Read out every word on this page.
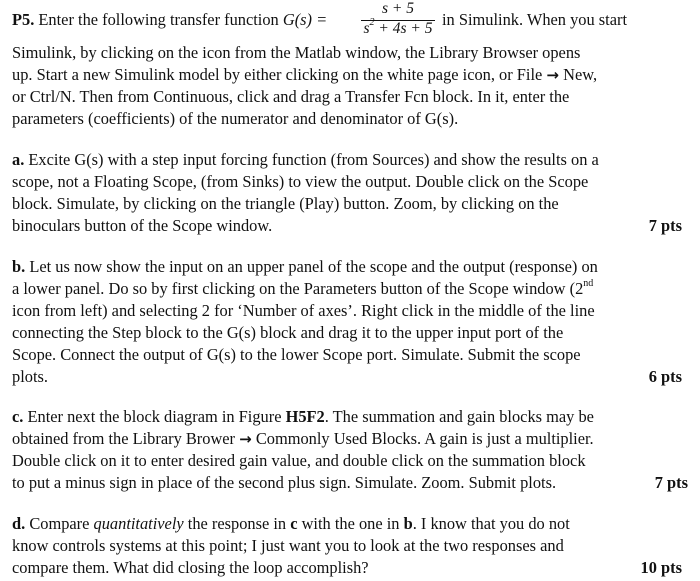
P5. Enter the following transfer function G(s) =
s + 5
$s^2 + 4s + 5$ in Simulink. When you start
Simulink, by clicking on the icon from the Matlab window, the Library Browser opens
up. Start a new Simulink model by either clicking on the white page icon, or File → New,
or Ctrl/N. Then from Continuous, click and drag a Transfer Fcn block. In it, enter the
parameters (coefficients) of the numerator and denominator of G(s).
a. Excite G(s) with a step input forcing function (from Sources) and show the results on a
scope, not a Floating Scope, (from Sinks) to view the output. Double click on the Scope
block. Simulate, by clicking on the triangle (Play) button. Zoom, by clicking on the
binoculars button of the Scope window.	7 pts
b. Let us now show the input on an upper panel of the scope and the output (response) on
a lower panel. Do so by first clicking on the Parameters button of the Scope window (2nd
icon from left) and selecting 2 for ‘Number of axes’. Right click in the middle of the line
connecting the Step block to the G(s) block and drag it to the upper input port of the
Scope. Connect the output of G(s) to the lower Scope port. Simulate. Submit the scope
plots.	6 pts
c. Enter next the block diagram in Figure H5F2. The summation and gain blocks may be
obtained from the Library Brower → Commonly Used Blocks. A gain is just a multiplier.
Double click on it to enter desired gain value, and double click on the summation block
to put a minus sign in place of the second plus sign. Simulate. Zoom. Submit plots.	7 pts
d. Compare quantitatively the response in c with the one in b. I know that you do not
know controls systems at this point; I just want you to look at the two responses and
compare them. What did closing the loop accomplish?	10 pts
